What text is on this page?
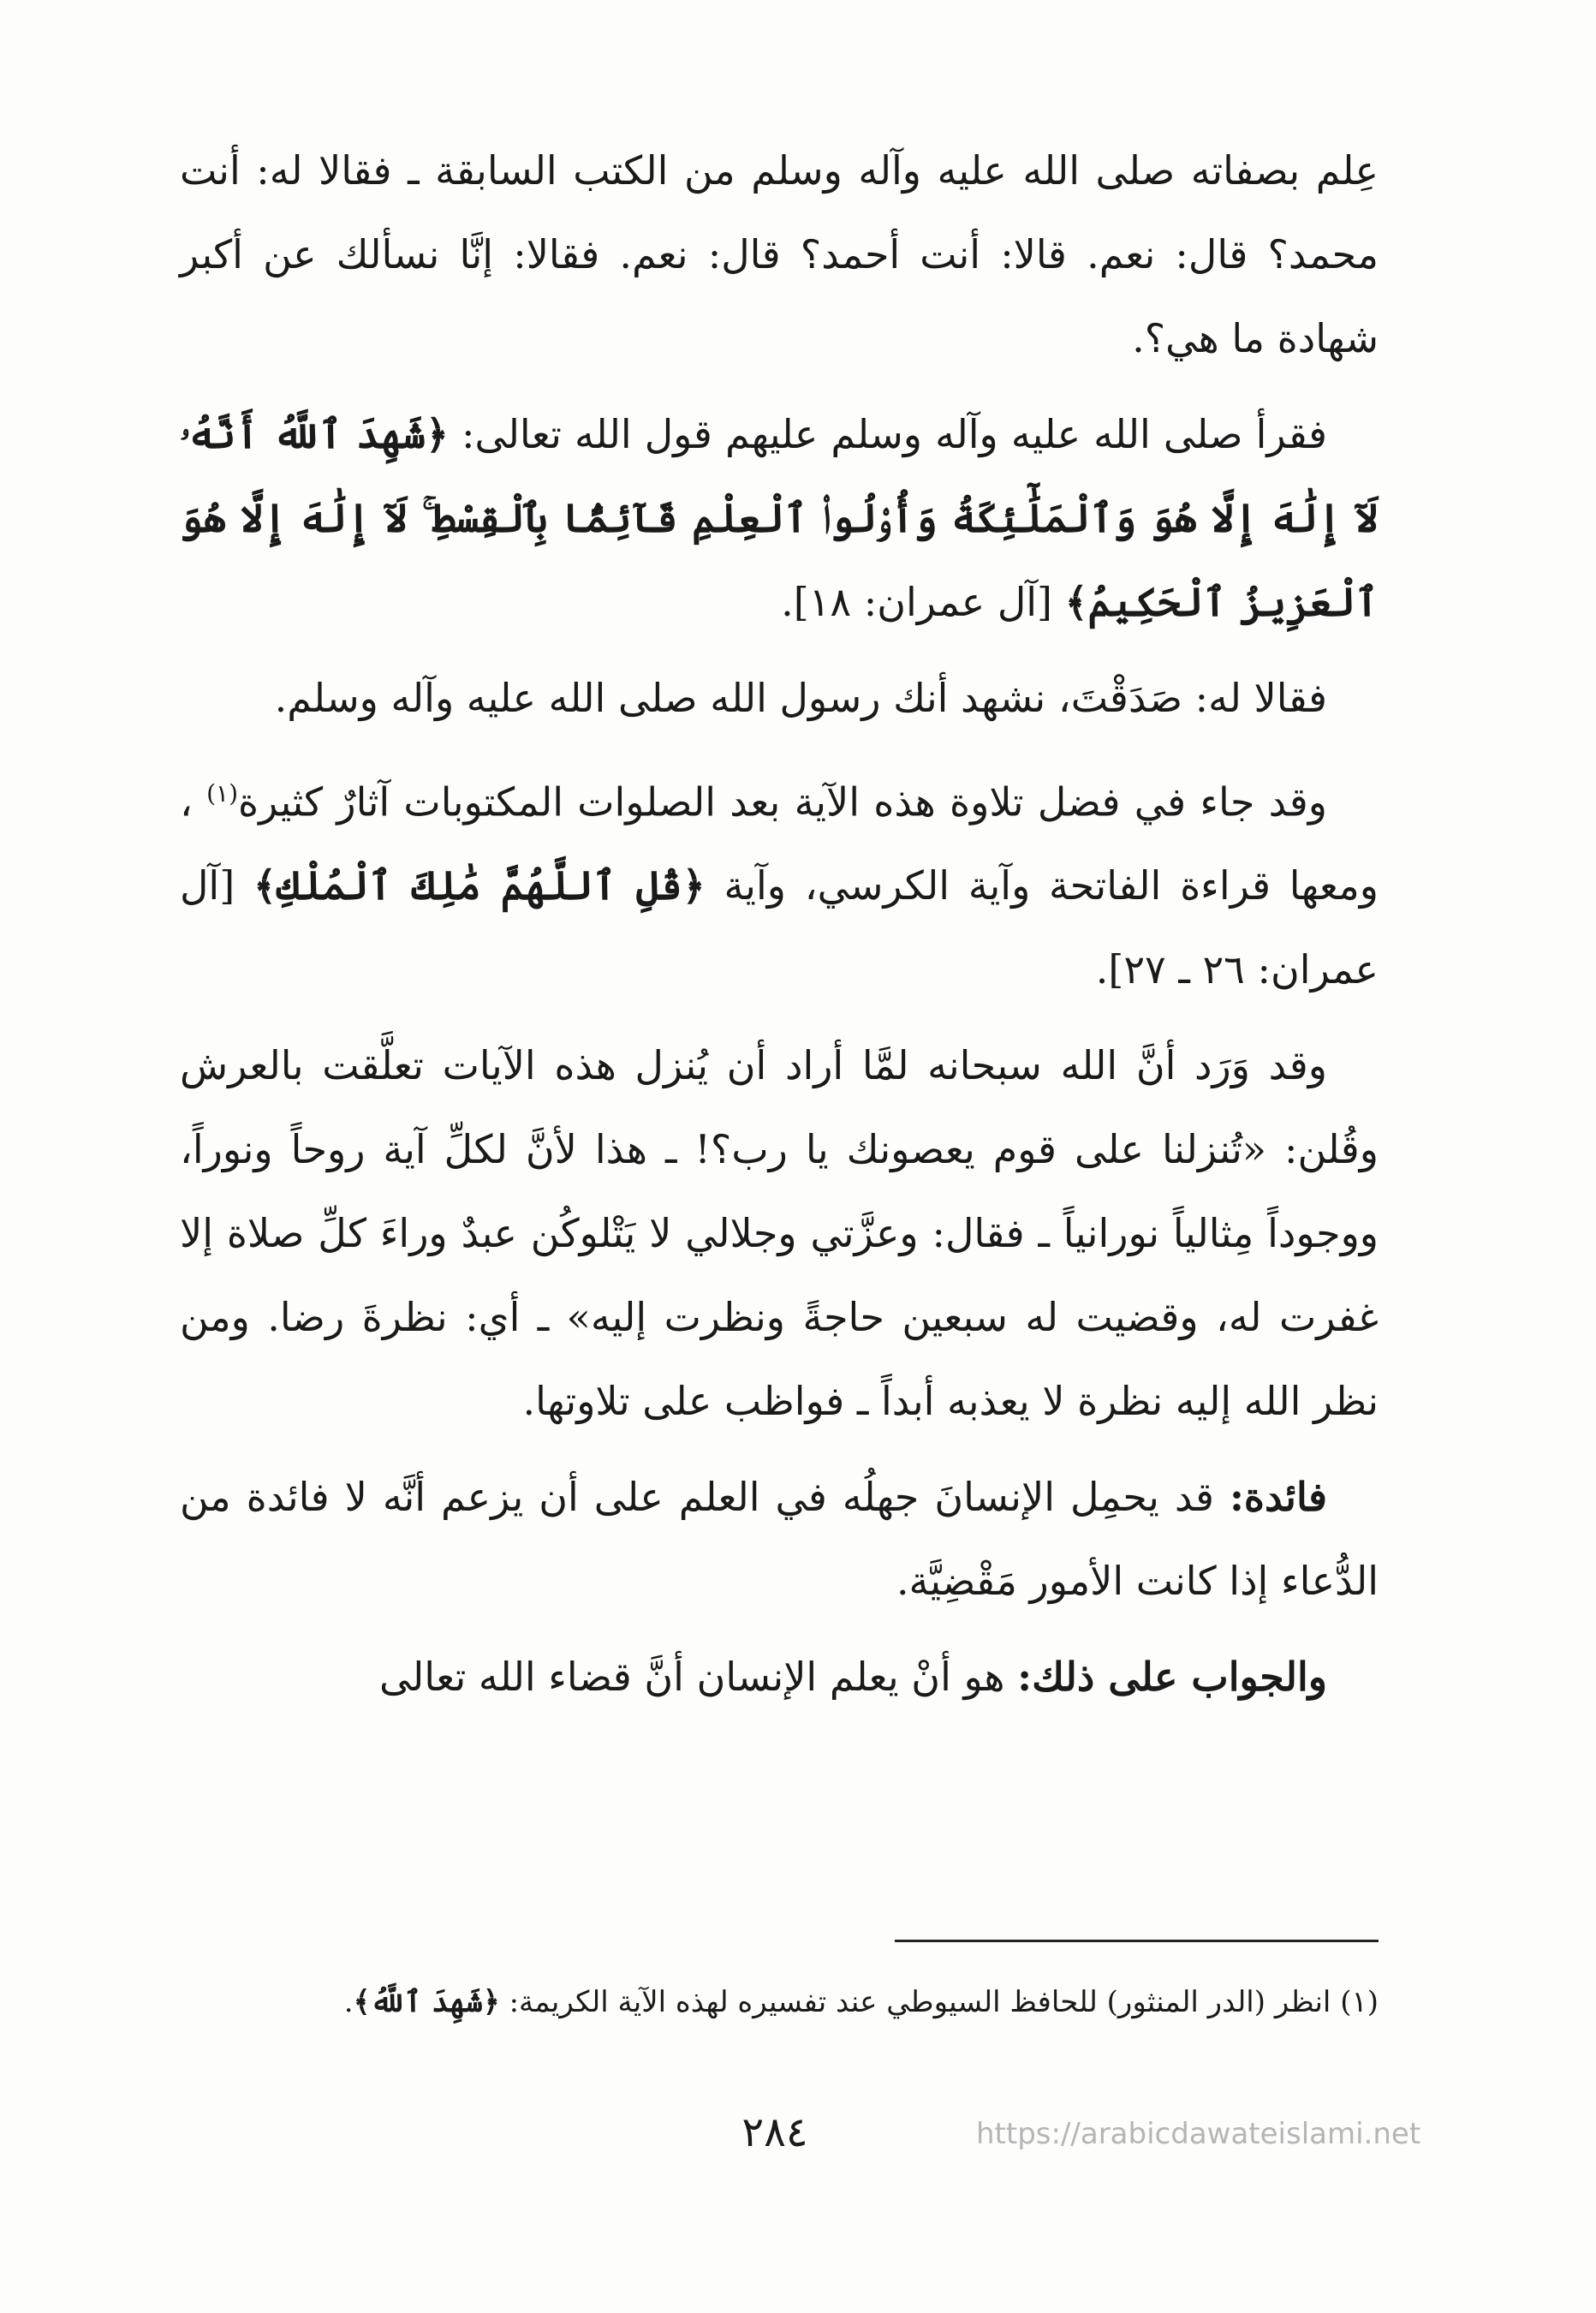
عِلم بصفاته صلى الله عليه وآله وسلم من الكتب السابقة ـ فقالا له: أنت محمد؟ قال: نعم. قالا: أنت أحمد؟ قال: نعم. فقالا: إنَّا نسألك عن أكبر شهادة ما هي؟.

فقرأ صلى الله عليه وآله وسلم عليهم قول الله تعالى: ﴿شَهِدَ ٱللَّهُ أَنَّهُۥ لَآ إِلَٰهَ إِلَّا هُوَ وَٱلْمَلَٰٓئِكَةُ وَأُو۟لُوا۟ ٱلْعِلْمِ قَآئِمًۢا بِٱلْقِسْطِ ۚ لَآ إِلَٰهَ إِلَّا هُوَ ٱلْعَزِيزُ ٱلْحَكِيمُ﴾ [آل عمران: ١٨].

فقالا له: صَدَقْتَ، نشهد أنك رسول الله صلى الله عليه وآله وسلم.

وقد جاء في فضل تلاوة هذه الآية بعد الصلوات المكتوبات آثارٌ كثيرة$^{(١)}$ ، ومعها قراءة الفاتحة وآية الكرسي، وآية ﴿قُلِ ٱللَّهُمَّ مَٰلِكَ ٱلْمُلْكِ﴾ [آل عمران: ٢٦ ـ ٢٧].

وقد وَرَد أنَّ الله سبحانه لمَّا أراد أن يُنزل هذه الآيات تعلَّقت بالعرش وقُلن: «تُنزلنا على قوم يعصونك يا رب؟! ـ هذا لأنَّ لكلِّ آية روحاً ونوراً، ووجوداً مِثالياً نورانياً ـ فقال: وعزَّتي وجلالي لا يَتْلوكُن عبدٌ وراءَ كلِّ صلاة إلا غفرت له، وقضيت له سبعين حاجةً ونظرت إليه» ـ أي: نظرةَ رضا. ومن نظر الله إليه نظرة لا يعذبه أبداً ـ فواظب على تلاوتها.

فائدة: قد يحمِل الإنسانَ جهلُه في العلم على أن يزعم أنَّه لا فائدة من الدُّعاء إذا كانت الأمور مَقْضِيَّة.

والجواب على ذلك: هو أنْ يعلم الإنسان أنَّ قضاء الله تعالى

(١) انظر (الدر المنثور) للحافظ السيوطي عند تفسيره لهذه الآية الكريمة: ﴿شَهِدَ ٱللَّهُ﴾.
٢٨٤	https://arabicdawateislami.net
